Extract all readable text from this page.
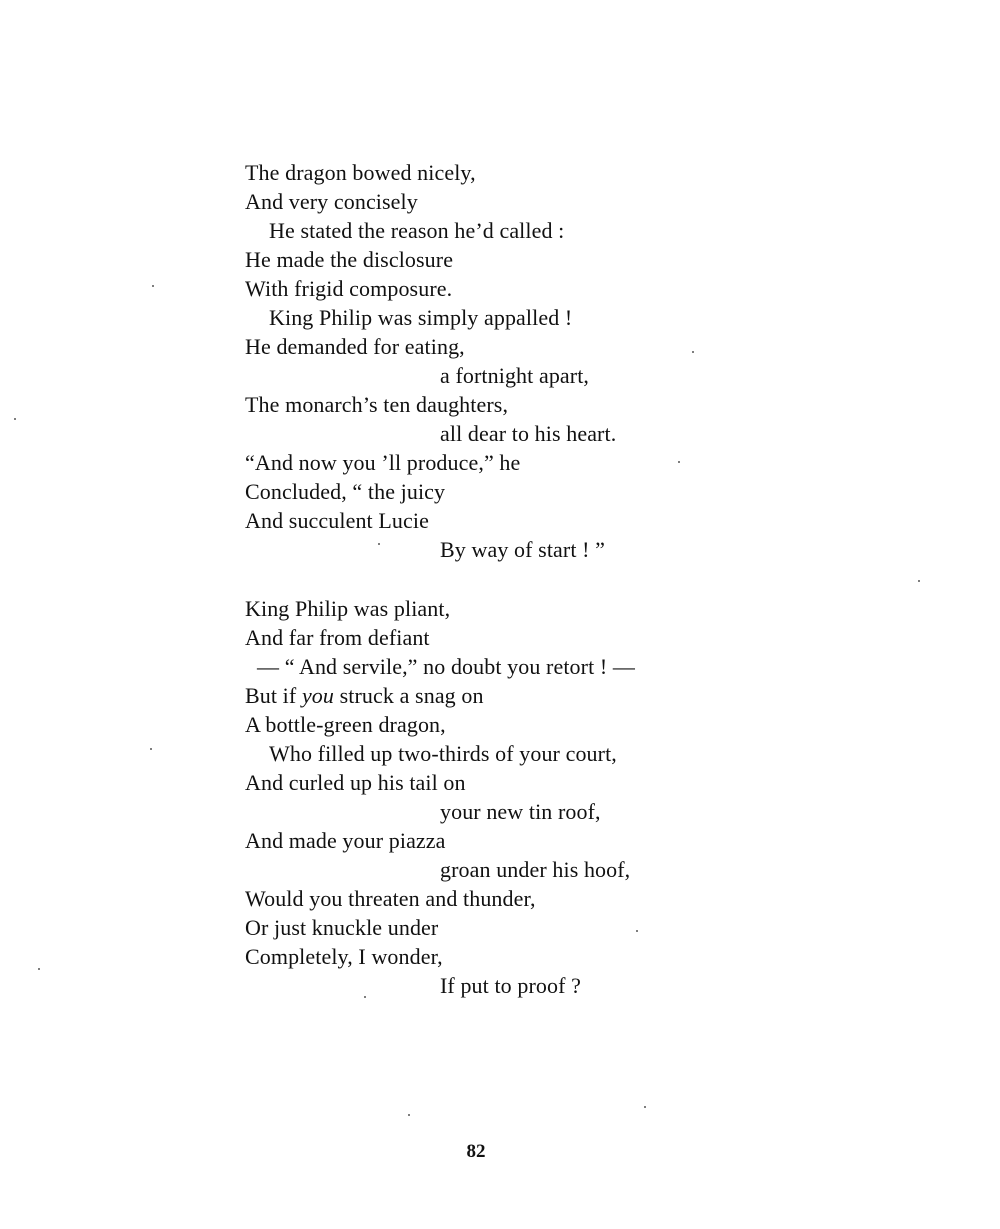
The dragon bowed nicely,
And very concisely
He stated the reason he’d called :
He made the disclosure
With frigid composure.
King Philip was simply appalled !
He demanded for eating,
a fortnight apart,
The monarch’s ten daughters,
all dear to his heart.
“And now you ’ll produce,” he
Concluded, “ the juicy
And succulent Lucie
By way of start ! ”
King Philip was pliant,
And far from defiant
— “ And servile,” no doubt you retort ! —
But if you struck a snag on
A bottle-green dragon,
Who filled up two-thirds of your court,
And curled up his tail on
your new tin roof,
And made your piazza
groan under his hoof,
Would you threaten and thunder,
Or just knuckle under
Completely, I wonder,
If put to proof ?
82
